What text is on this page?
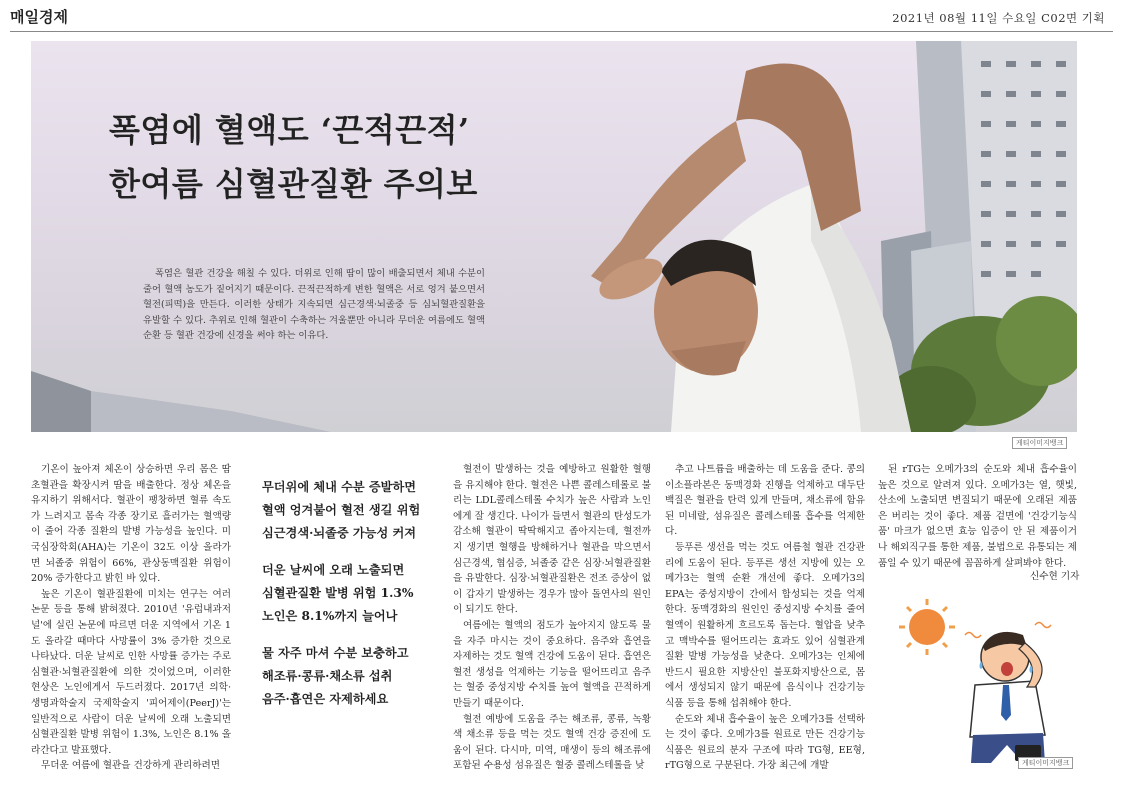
매일경제	2021년 08월 11일 수요일 C02면 기획
폭염에 혈액도 ‘끈적끈적’
한여름 심혈관질환 주의보
폭염은 혈관 건강을 해칠 수 있다. 더위로 인해 땀이 많이 배출되면서 체내 수분이 줄어 혈액 농도가 짙어지기 때문이다. 끈적끈적하게 변한 혈액은 서로 엉겨 붙으면서 혈전(피떡)을 만든다. 이러한 상태가 지속되면 심근경색·뇌졸중 등 심뇌혈관질환을 유발할 수 있다. 추위로 인해 혈관이 수축하는 겨울뿐만 아니라 무더운 여름에도 혈액 순환 등 혈관 건강에 신경을 써야 하는 이유다.
게티이미지뱅크

기온이 높아져 체온이 상승하면 우리 몸은 땀 초혈관을 확장시켜 땀을 배출한다. 정상 체온을 유지하기 위해서다. 혈관이 팽창하면 혈류 속도가 느려지고 몸속 각종 장기로 흘러가는 혈액량이 줄어 각종 질환의 발병 가능성을 높인다. 미국심장학회(AHA)는 기온이 32도 이상 올라가면 뇌졸중 위험이 66%, 관상동맥질환 위험이 20% 증가한다고 밝힌 바 있다.

높은 기온이 혈관질환에 미치는 연구는 여러 논문 등을 통해 밝혀졌다. 2010년 '유럽내과저널'에 실린 논문에 따르면 더운 지역에서 기온 1도 올라갈 때마다 사망률이 3% 증가한 것으로 나타났다. 더운 날씨로 인한 사망률 증가는 주로 심혈관·뇌혈관질환에 의한 것이었으며, 이러한 현상은 노인에게서 두드러졌다. 2017년 의학·생명과학술지 국제학술지 '피어제이(PeerJ)'는 일반적으로 사람이 더운 날씨에 오래 노출되면 심혈관질환 발병 위험이 1.3%, 노인은 8.1% 올라간다고 발표했다.

무더운 여름에 혈관을 건강하게 관리하려면

무더위에 체내 수분 증발하면
혈액 엉겨붙어 혈전 생길 위험
심근경색·뇌졸중 가능성 커져
더운 날씨에 오래 노출되면
심혈관질환 발병 위험 1.3%
노인은 8.1%까지 늘어나
물 자주 마셔 수분 보충하고
해조류·콩류·채소류 섭취
음주·흡연은 자제하세요

혈전이 발생하는 것을 예방하고 원활한 혈행을 유지해야 한다. 혈전은 나쁜 콜레스테롤로 불리는 LDL콜레스테롤 수치가 높은 사람과 노인에게 잘 생긴다. 나이가 들면서 혈관의 탄성도가 감소해 혈관이 딱딱해지고 좁아지는데, 혈전까지 생기면 혈행을 방해하거나 혈관을 막으면서 심근경색, 협심증, 뇌졸중 같은 심장·뇌혈관질환을 유발한다. 심장·뇌혈관질환은 전조 증상이 없이 갑자기 발생하는 경우가 많아 돌연사의 원인이 되기도 한다.

여름에는 혈액의 점도가 높아지지 않도록 물을 자주 마시는 것이 중요하다. 음주와 흡연을 자제하는 것도 혈액 건강에 도움이 된다. 흡연은 혈전 생성을 억제하는 기능을 떨어뜨리고 음주는 혈중 중성지방 수치를 높여 혈액을 끈적하게 만들기 때문이다.

혈전 예방에 도움을 주는 해조류, 콩류, 녹황색 채소류 등을 먹는 것도 혈액 건강 증진에 도움이 된다. 다시마, 미역, 매생이 등의 해조류에 포함된 수용성 섬유질은 혈중 콜레스테롤을 낮

추고 나트륨을 배출하는 데 도움을 준다. 콩의 이소플라본은 동맥경화 진행을 억제하고 대두단백질은 혈관을 탄력 있게 만들며, 채소류에 함유된 미네랄, 섬유질은 콜레스테롤 흡수를 억제한다.

등푸른 생선을 먹는 것도 여름철 혈관 건강관리에 도움이 된다. 등푸른 생선 지방에 있는 오메가3는 혈액 순환 개선에 좋다. 오메가3의 EPA는 중성지방이 간에서 합성되는 것을 억제한다. 동맥경화의 원인인 중성지방 수치를 줄여 혈액이 원활하게 흐르도록 돕는다. 혈압을 낮추고 맥박수를 떨어뜨리는 효과도 있어 심혈관계 질환 발병 가능성을 낮춘다. 오메가3는 인체에 반드시 필요한 지방산인 불포화지방산으로, 몸에서 생성되지 않기 때문에 음식이나 건강기능식품 등을 통해 섭취해야 한다.

순도와 체내 흡수율이 높은 오메가3를 선택하는 것이 좋다. 오메가3를 원료로 만든 건강기능식품은 원료의 분자 구조에 따라 TG형, EE형, rTG형으로 구분된다. 가장 최근에 개발

된 rTG는 오메가3의 순도와 체내 흡수율이 높은 것으로 알려져 있다. 오메가3는 열, 햇빛, 산소에 노출되면 변질되기 때문에 오래된 제품은 버리는 것이 좋다. 제품 겉면에 '건강기능식품' 마크가 없으면 효능 입증이 안 된 제품이거나 해외직구를 통한 제품, 불법으로 유통되는 제품일 수 있기 때문에 꼼꼼하게 살펴봐야 한다.

신수현 기자
게티이미지뱅크
